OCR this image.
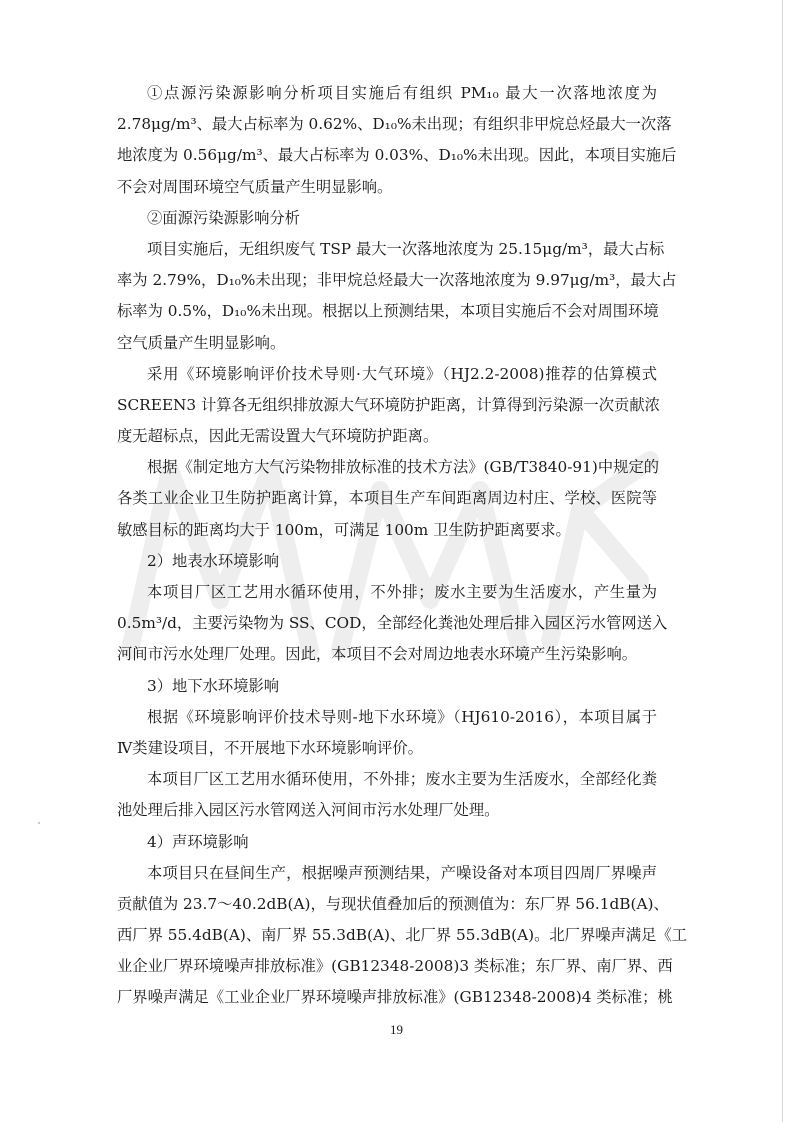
①点源污染源影响分析项目实施后有组织 PM₁₀ 最大一次落地浓度为
2.78μg/m³、最大占标率为 0.62%、D₁₀%未出现；有组织非甲烷总烃最大一次落
地浓度为 0.56μg/m³、最大占标率为 0.03%、D₁₀%未出现。因此，本项目实施后
不会对周围环境空气质量产生明显影响。
②面源污染源影响分析
项目实施后，无组织废气 TSP 最大一次落地浓度为 25.15μg/m³，最大占标
率为 2.79%，D₁₀%未出现；非甲烷总烃最大一次落地浓度为 9.97μg/m³，最大占
标率为 0.5%，D₁₀%未出现。根据以上预测结果，本项目实施后不会对周围环境
空气质量产生明显影响。
采用《环境影响评价技术导则·大气环境》（HJ2.2-2008)推荐的估算模式
SCREEN3 计算各无组织排放源大气环境防护距离，计算得到污染源一次贡献浓
度无超标点，因此无需设置大气环境防护距离。
根据《制定地方大气污染物排放标准的技术方法》(GB/T3840-91)中规定的
各类工业企业卫生防护距离计算，本项目生产车间距离周边村庄、学校、医院等
敏感目标的距离均大于 100m，可满足 100m 卫生防护距离要求。
2）地表水环境影响
本项目厂区工艺用水循环使用，不外排；废水主要为生活废水，产生量为
0.5m³/d，主要污染物为 SS、COD，全部经化粪池处理后排入园区污水管网送入
河间市污水处理厂处理。因此，本项目不会对周边地表水环境产生污染影响。
3）地下水环境影响
根据《环境影响评价技术导则-地下水环境》（HJ610-2016），本项目属于
Ⅳ类建设项目，不开展地下水环境影响评价。
本项目厂区工艺用水循环使用，不外排；废水主要为生活废水，全部经化粪
池处理后排入园区污水管网送入河间市污水处理厂处理。
4）声环境影响
本项目只在昼间生产，根据噪声预测结果，产噪设备对本项目四周厂界噪声
贡献值为 23.7～40.2dB(A)，与现状值叠加后的预测值为：东厂界 56.1dB(A)、
西厂界 55.4dB(A)、南厂界 55.3dB(A)、北厂界 55.3dB(A)。北厂界噪声满足《工
业企业厂界环境噪声排放标准》(GB12348-2008)3 类标准；东厂界、南厂界、西
厂界噪声满足《工业企业厂界环境噪声排放标准》(GB12348-2008)4 类标准；桃
19
